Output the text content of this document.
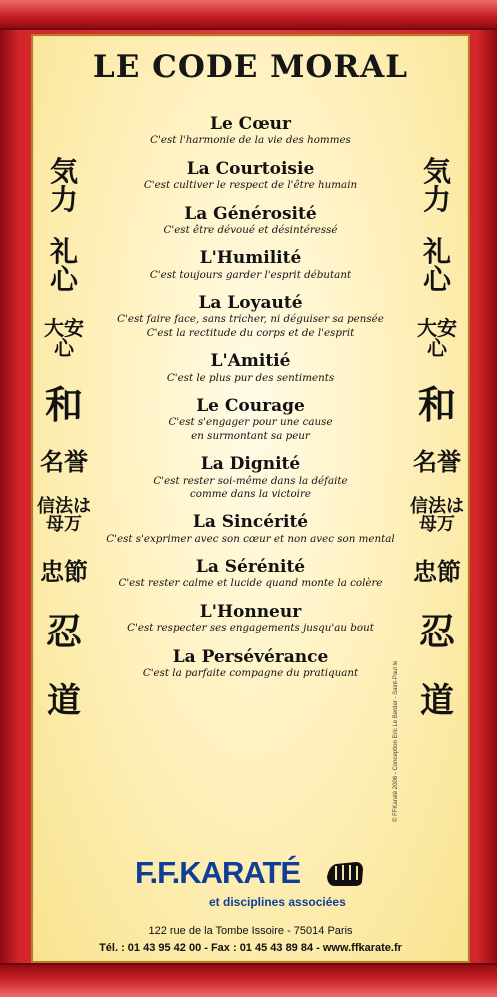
LE CODE MORAL
気力
礼心
大安心
和
名誉
信法は母万
忠節
忍
道
気力
礼心
大安心
和
名誉
信法は母万
忠節
忍
道
Le Cœur
C'est l'harmonie de la vie des hommes
La Courtoisie
C'est cultiver le respect de l'être humain
La Générosité
C'est être dévoué et désintéressé
L'Humilité
C'est toujours garder l'esprit débutant
La Loyauté
C'est faire face, sans tricher, ni déguiser sa pensée
C'est la rectitude du corps et de l'esprit
L'Amitié
C'est le plus pur des sentiments
Le Courage
C'est s'engager pour une cause
en surmontant sa peur
La Dignité
C'est rester soi-même dans la défaite
comme dans la victoire
La Sincérité
C'est s'exprimer avec son cœur et non avec son mental
La Sérénité
C'est rester calme et lucide quand monte la colère
L'Honneur
C'est respecter ses engagements jusqu'au bout
La Persévérance
C'est la parfaite compagne du pratiquant
F.F.KARATÉ
et disciplines associées
122 rue de la Tombe Issoire - 75014 Paris
Tél. : 01 43 95 42 00 - Fax : 01 45 43 89 84 - www.ffkarate.fr
© FFKaraté 2006 - Conception Eric Le Berder - Saint-Paul le
